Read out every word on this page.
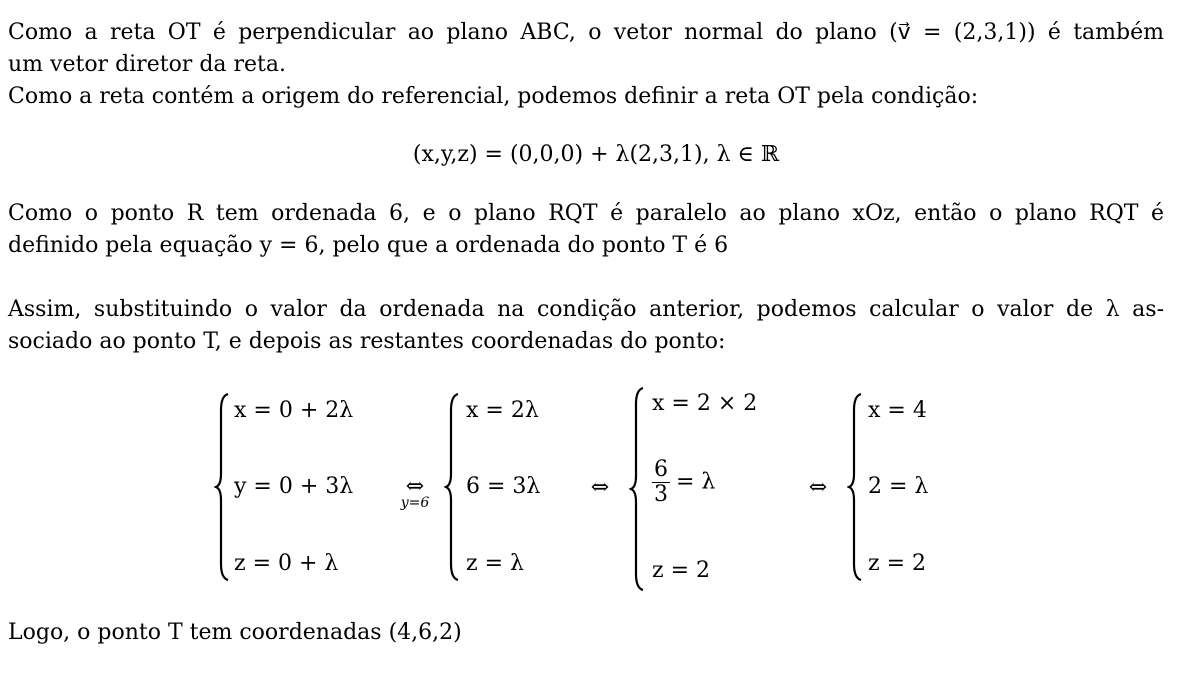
Como a reta OT é perpendicular ao plano ABC, o vetor normal do plano (v⃗ = (2,3,1)) é também
um vetor diretor da reta.
Como a reta contém a origem do referencial, podemos definir a reta OT pela condição:
(x,y,z) = (0,0,0) + λ(2,3,1), λ ∈ ℝ
Como o ponto R tem ordenada 6, e o plano RQT é paralelo ao plano xOz, então o plano RQT é
definido pela equação y = 6, pelo que a ordenada do ponto T é 6
Assim, substituindo o valor da ordenada na condição anterior, podemos calcular o valor de λ as-
sociado ao ponto T, e depois as restantes coordenadas do ponto:
x = 0 + 2λ
y = 0 + 3λ
z = 0 + λ
⇔
y=6
x = 2λ
6 = 3λ
z = λ
⇔
x = 2 × 2
$\frac{6}{3} = \lambda$
z = 2
⇔
x = 4
2 = λ
z = 2
Logo, o ponto T tem coordenadas (4,6,2)
